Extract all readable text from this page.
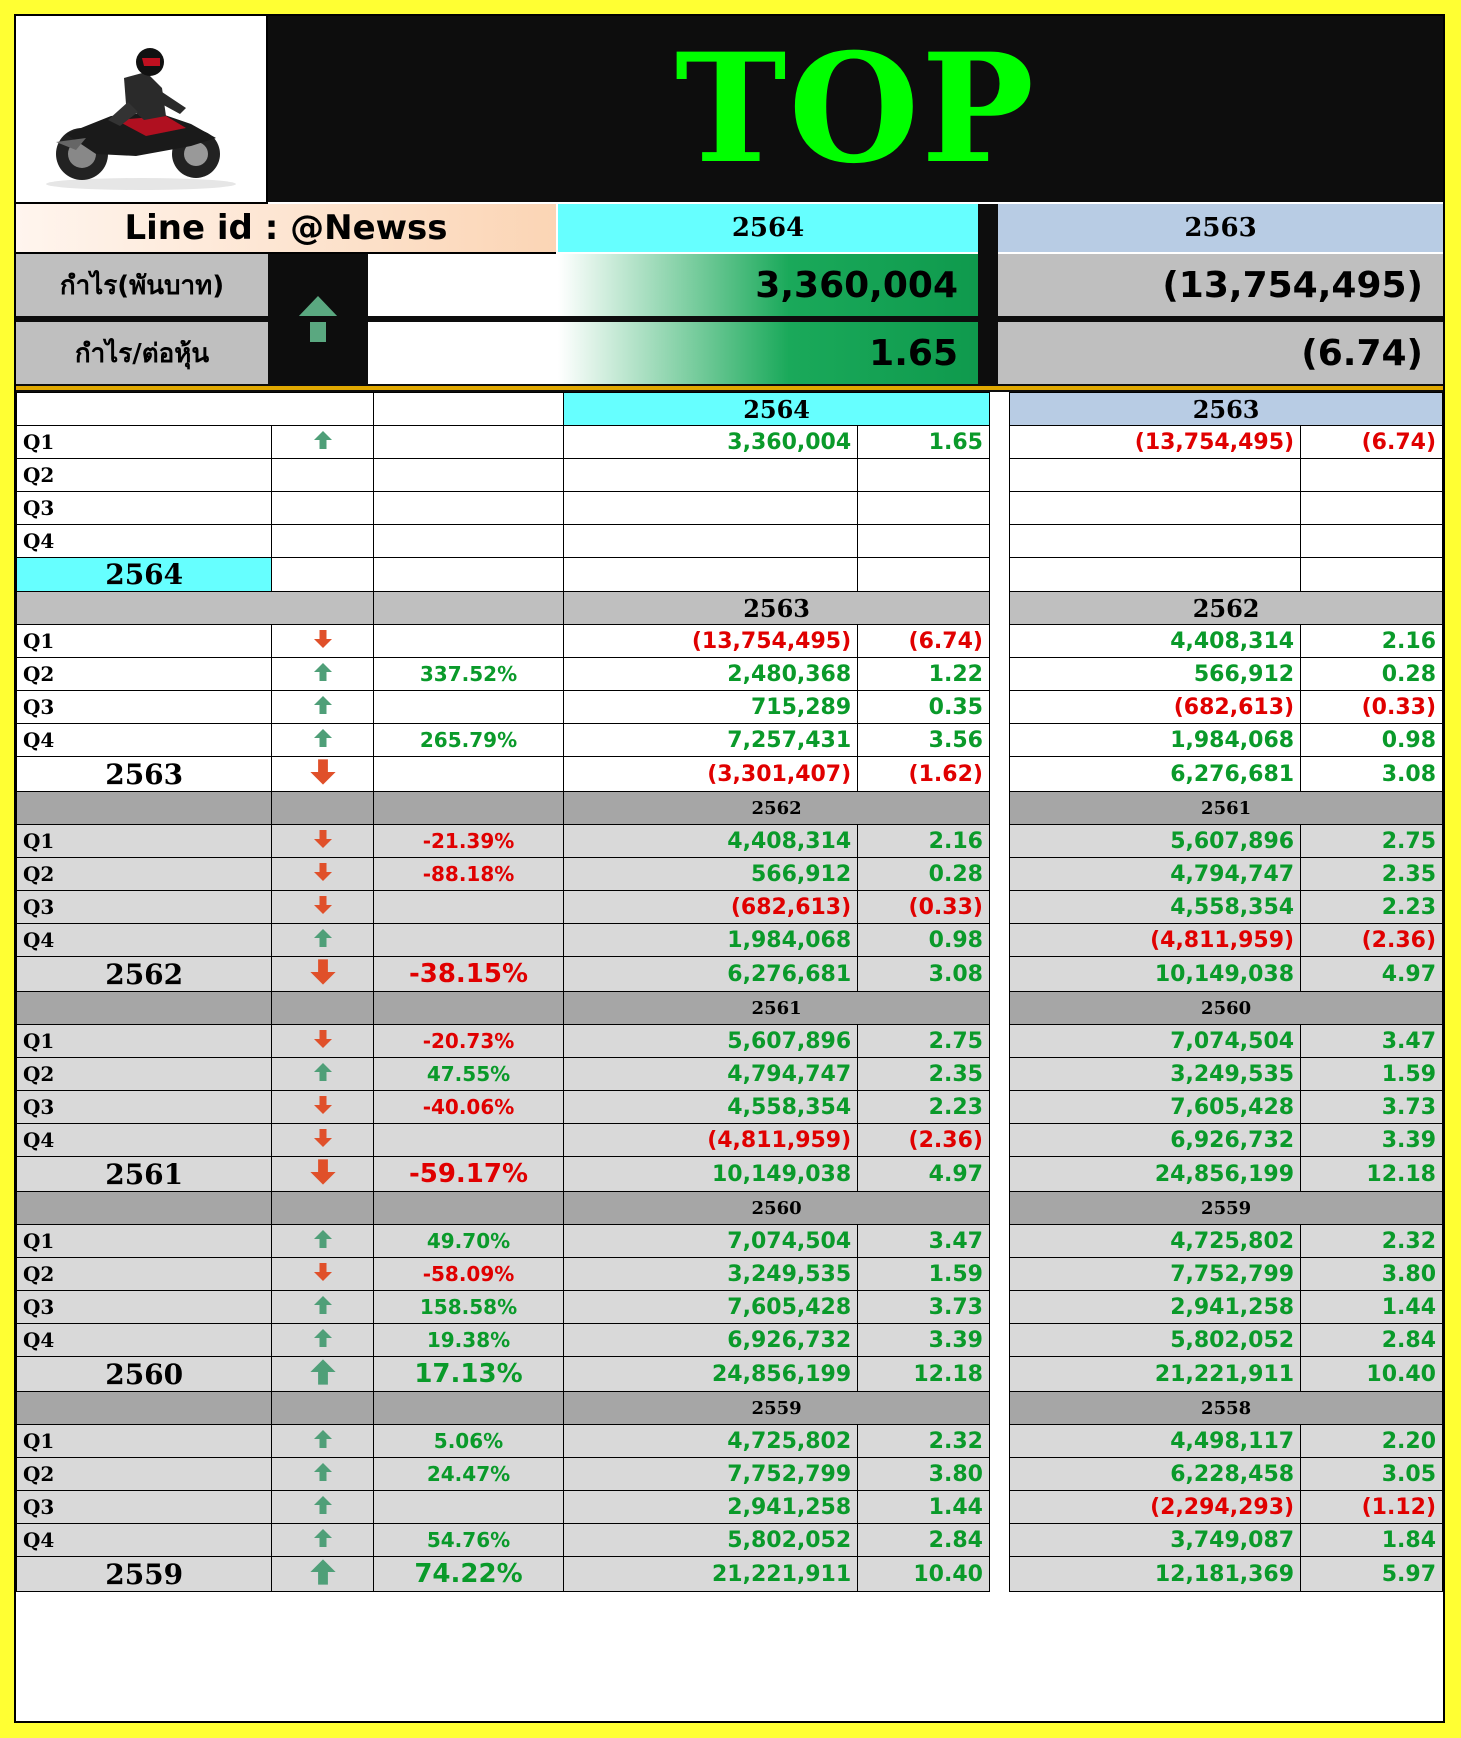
TOP
Line id : @Newss	2564	2563
กำไร(พันบาท)	3,360,004	(13,754,495)
กำไร/ต่อหุ้น	1.65	(6.74)
			2564			2563	
Q1			3,360,004	1.65		(13,754,495)	(6.74)
Q2							
Q3							
Q4							
2564							
			2563			2562	
Q1			(13,754,495)	(6.74)		4,408,314	2.16
Q2		337.52%	2,480,368	1.22		566,912	0.28
Q3			715,289	0.35		(682,613)	(0.33)
Q4		265.79%	7,257,431	3.56		1,984,068	0.98
2563			(3,301,407)	(1.62)		6,276,681	3.08
			2562			2561	
Q1		-21.39%	4,408,314	2.16		5,607,896	2.75
Q2		-88.18%	566,912	0.28		4,794,747	2.35
Q3			(682,613)	(0.33)		4,558,354	2.23
Q4			1,984,068	0.98		(4,811,959)	(2.36)
2562		-38.15%	6,276,681	3.08		10,149,038	4.97
			2561			2560	
Q1		-20.73%	5,607,896	2.75		7,074,504	3.47
Q2		47.55%	4,794,747	2.35		3,249,535	1.59
Q3		-40.06%	4,558,354	2.23		7,605,428	3.73
Q4			(4,811,959)	(2.36)		6,926,732	3.39
2561		-59.17%	10,149,038	4.97		24,856,199	12.18
			2560			2559	
Q1		49.70%	7,074,504	3.47		4,725,802	2.32
Q2		-58.09%	3,249,535	1.59		7,752,799	3.80
Q3		158.58%	7,605,428	3.73		2,941,258	1.44
Q4		19.38%	6,926,732	3.39		5,802,052	2.84
2560		17.13%	24,856,199	12.18		21,221,911	10.40
			2559			2558	
Q1		5.06%	4,725,802	2.32		4,498,117	2.20
Q2		24.47%	7,752,799	3.80		6,228,458	3.05
Q3			2,941,258	1.44		(2,294,293)	(1.12)
Q4		54.76%	5,802,052	2.84		3,749,087	1.84
2559		74.22%	21,221,911	10.40		12,181,369	5.97
